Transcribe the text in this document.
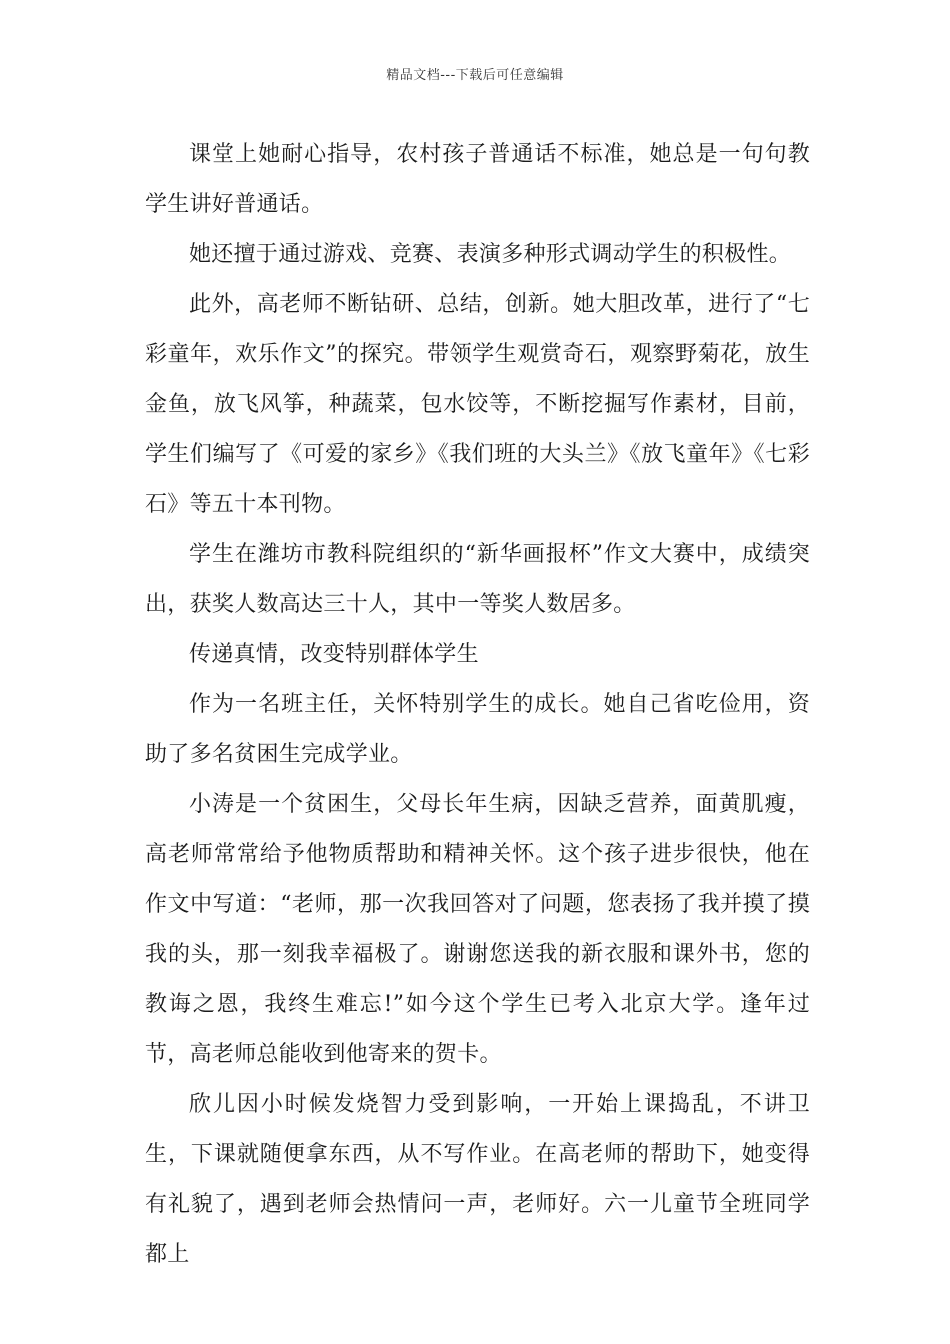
精品文档---下载后可任意编辑

课堂上她耐心指导，农村孩子普通话不标准，她总是一句句教学生讲好普通话。

她还擅于通过游戏、竞赛、表演多种形式调动学生的积极性。

此外，高老师不断钻研、总结，创新。她大胆改革，进行了“七彩童年，欢乐作文”的探究。带领学生观赏奇石，观察野菊花，放生金鱼，放飞风筝，种蔬菜，包水饺等，不断挖掘写作素材，目前，学生们编写了《可爱的家乡》《我们班的大头兰》《放飞童年》《七彩石》等五十本刊物。

学生在潍坊市教科院组织的“新华画报杯”作文大赛中，成绩突出，获奖人数高达三十人，其中一等奖人数居多。

传递真情，改变特别群体学生

作为一名班主任，关怀特别学生的成长。她自己省吃俭用，资助了多名贫困生完成学业。

小涛是一个贫困生，父母长年生病，因缺乏营养，面黄肌瘦，高老师常常给予他物质帮助和精神关怀。这个孩子进步很快，他在作文中写道：“老师，那一次我回答对了问题，您表扬了我并摸了摸我的头，那一刻我幸福极了。谢谢您送我的新衣服和课外书，您的教诲之恩，我终生难忘!”如今这个学生已考入北京大学。逢年过节，高老师总能收到他寄来的贺卡。

欣儿因小时候发烧智力受到影响，一开始上课捣乱，不讲卫生，下课就随便拿东西，从不写作业。在高老师的帮助下，她变得有礼貌了，遇到老师会热情问一声，老师好。六一儿童节全班同学都上
